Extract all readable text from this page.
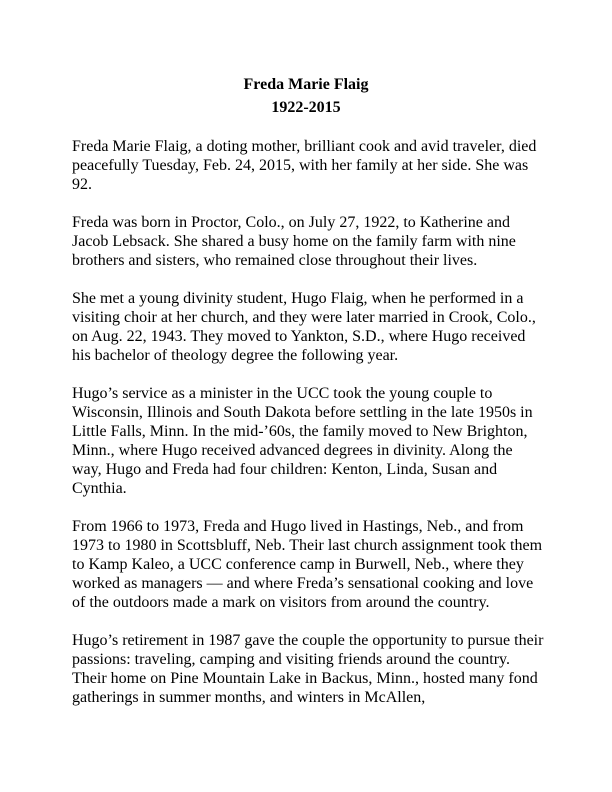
Freda Marie Flaig
1922-2015

Freda Marie Flaig, a doting mother, brilliant cook and avid traveler, died peacefully Tuesday, Feb. 24, 2015, with her family at her side. She was 92.

Freda was born in Proctor, Colo., on July 27, 1922, to Katherine and Jacob Lebsack. She shared a busy home on the family farm with nine brothers and sisters, who remained close throughout their lives.

She met a young divinity student, Hugo Flaig, when he performed in a visiting choir at her church, and they were later married in Crook, Colo., on Aug. 22, 1943. They moved to Yankton, S.D., where Hugo received his bachelor of theology degree the following year.

Hugo’s service as a minister in the UCC took the young couple to Wisconsin, Illinois and South Dakota before settling in the late 1950s in Little Falls, Minn. In the mid-’60s, the family moved to New Brighton, Minn., where Hugo received advanced degrees in divinity. Along the way, Hugo and Freda had four children: Kenton, Linda, Susan and Cynthia.

From 1966 to 1973, Freda and Hugo lived in Hastings, Neb., and from 1973 to 1980 in Scottsbluff, Neb. Their last church assignment took them to Kamp Kaleo, a UCC conference camp in Burwell, Neb., where they worked as managers — and where Freda’s sensational cooking and love of the outdoors made a mark on visitors from around the country.

Hugo’s retirement in 1987 gave the couple the opportunity to pursue their passions: traveling, camping and visiting friends around the country. Their home on Pine Mountain Lake in Backus, Minn., hosted many fond gatherings in summer months, and winters in McAllen,
